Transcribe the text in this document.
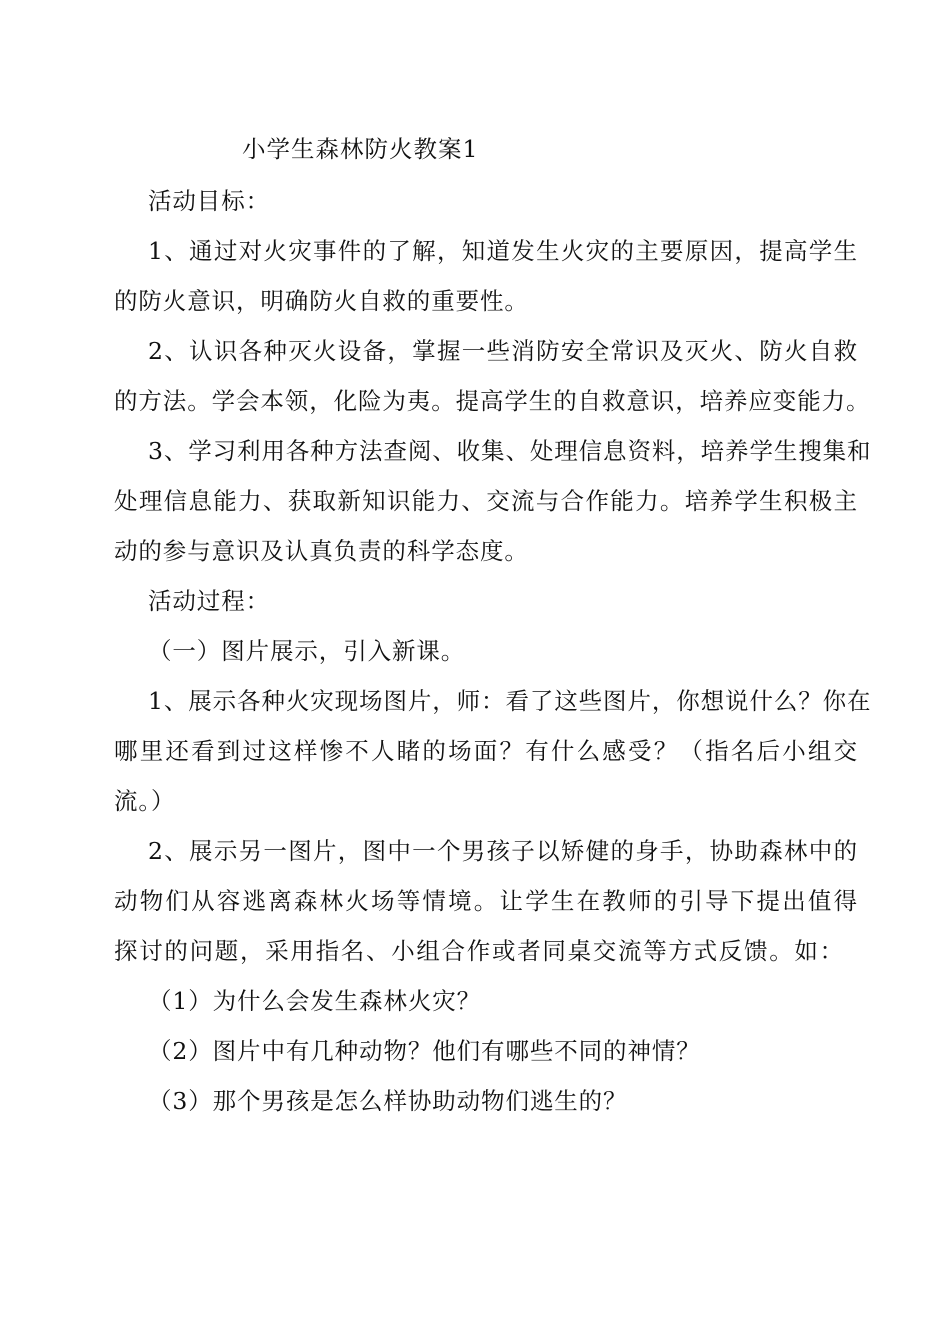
小学生森林防火教案1
活动目标：
1、通过对火灾事件的了解，知道发生火灾的主要原因，提高学生
的防火意识，明确防火自救的重要性。
2、认识各种灭火设备，掌握一些消防安全常识及灭火、防火自救
的方法。学会本领，化险为夷。提高学生的自救意识，培养应变能力。
3、学习利用各种方法查阅、收集、处理信息资料，培养学生搜集和
处理信息能力、获取新知识能力、交流与合作能力。培养学生积极主
动的参与意识及认真负责的科学态度。
活动过程：
（一）图片展示，引入新课。
1、展示各种火灾现场图片，师：看了这些图片，你想说什么？你在
哪里还看到过这样惨不人睹的场面？有什么感受？（指名后小组交
流。）
2、展示另一图片，图中一个男孩子以矫健的身手，协助森林中的
动物们从容逃离森林火场等情境。让学生在教师的引导下提出值得
探讨的问题，采用指名、小组合作或者同桌交流等方式反馈。如：
（1）为什么会发生森林火灾？
（2）图片中有几种动物？他们有哪些不同的神情？
（3）那个男孩是怎么样协助动物们逃生的？
